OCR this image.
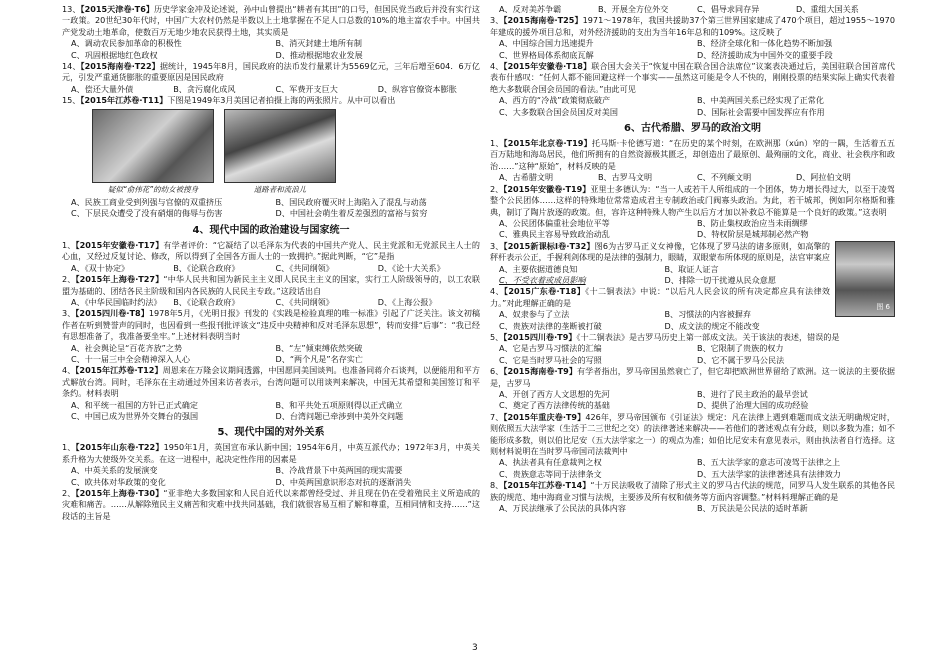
13、【2015天津卷·T6】历史学家金冲及论述说，孙中山曾提出“耕者有其田”的口号，但国民党当政后并没有实行这一政策。20世纪30年代时，中国广大农村仍然是半数以上土地掌握在不足人口总数的10%的地主富农手中。中国共产党发动土地革命，使数百万无地少地农民获得土地，其实质是

A、调动农民参加革命的积极性	B、消灭封建土地所有制
C、巩固根据地红色政权	D、推动根据地农业发展

14、【2015海南卷·T22】据统计，1945年8月，国民政府的法币发行量累计为5569亿元，三年后增至604．6万亿元，引发严重通货膨胀的重要原因是国民政府

A、偿还大量外债	B、贪污腐化成风	C、军费开支巨大	D、纵容官僚资本膨胀

15、【2015年江苏卷·T11】下图是1949年3月美国记者拍摄上海的两张照片。从中可以看出

疑似“俞伟花”的幼女被搜身	道路者和流浪儿
A、民族工商业受到列强与官僚的双重挤压	B、国民政府覆灭时上海陷入了混乱与动荡
C、下层民众遭受了没有硝烟的侮辱与伤害	D、中国社会萌生着反差强烈的富裕与贫穷
4、现代中国的政治建设与国家统一

1、【2015年安徽卷·T17】有学者评价：“它凝结了以毛泽东为代表的中国共产党人、民主党派和无党派民主人士的心血，又经过反复讨论、修改，所以得到了全国各方面人士的一致拥护。”据此判断，“它”是指

A、《双十协定》	B、《论联合政府》	C、《共同纲领》	D、《论十大关系》

2、【2015年上海卷·T27】“中华人民共和国为新民主主义即人民民主主义的国家，实行工人阶级领导的，以工农联盟为基础的、团结各民主阶级和国内各民族的人民民主专政。”这段话出自

A、《中华民国临时约法》	B、《论联合政府》	C、《共同纲领》	D、《上海公报》

3、【2015四川卷·T8】1978年5月，《光明日报》刊发的《实践是检验真理的唯一标准》引起了广泛关注。该文初稿作者在听到赞誉声的同时，也因看到一些报刊批评该文“违反中央精神和反对毛泽东思想”，转而安排“后事”：“我已经有思想准备了，我准备要坐牢。”上述材料表明当时

A、社会舆论呈“百花齐放”之势	B、“左”倾束缚依然突破
C、十一届三中全会精神深入人心	D、“两个凡是”名存实亡

4、【2015年江苏卷·T12】周恩来在万隆会议期间透露，中国愿同美国谈判。也准备同蒋介石谈判，以便能用和平方式解放台湾。同时，毛泽东在主动通过外国来访者表示，台湾问题可以用谈判来解决，中国无其希望和美国签订和平条约。材料表明

A、和平统一祖国的方针已正式确定	B、和平共处五项原则得以正式确立
C、中国已成为世界外交舞台的强国	D、台湾问题已牵涉到中美外交问题
5、现代中国的对外关系

1、【2015年山东卷·T22】1950年1月，英国宣布承认新中国；1954年6月，中英互派代办；1972年3月，中英关系升格为大使级外交关系。在这一进程中，起决定性作用的因素是

A、中英关系的发展演变	B、冷战背景下中英两国的现实需要
C、欧共体对华政策的变化	D、中英两国意识形态对抗的逐渐消失

2、【2015年上海卷·T30】“亚非绝大多数国家和人民自近代以来都曾经受过、并且现在仍在受着殖民主义所造成的灾难和痛苦。……从解除殖民主义痛苦和灾难中找共同基础，我们就很容易互相了解和尊重，互相同情和支持……”这段话的主旨是

A、反对美苏争霸	B、开展全方位外交	C、倡导求同存异	D、重组大国关系

3、【2015海南卷·T25】1971～1978年，我国共援助37个第三世界国家建成了470个项目，超过1955～1970年建成的援外项目总和，对外经济援助的支出为当年16年总和的109%。这反映了

A、中国综合国力迅速提升	B、经济全球化和一体化趋势不断加强
C、世界格局体系彻底瓦解	D、经济援助成为中国外交的重要手段

4、【2015年安徽卷·T18】联合国大会关于“恢复中国在联合国合法席位”议案表决通过后，美国驻联合国首席代表布什感叹：“任何人都不能回避这样一个事实——虽然这可能是令人不快的，刚刚投票的结果实际上确实代表着绝大多数联合国会员国的看法。”由此可见

A、西方的“冷战”政策彻底破产	B、中美两国关系已经实现了正常化
C、大多数联合国会员国反对美国	D、国际社会需要中国发挥应有作用
6、古代希腊、罗马的政治文明

1、【2015年北京卷·T19】托马斯·卡伦德写道：“在历史的某个时刻，在欧洲那（xún）窄的一隅，生活着五五百万陆地和海岛居民，他们所拥有的自然资源极其匮乏，却创造出了最原创、最殉丽的文化，商业、社会秩序和政治……”这种“原始”，材料反映的是

A、古希腊文明	B、古罗马文明	C、不列颠文明	D、阿拉伯文明

2、【2015年安徽卷·T19】亚里士多德认为：“当一人或若干人所组成的一个团体，势力增长得过大，以至于凌驾整个公民团体……这样的特殊地位常常造成君主专制政治或门阀寡头政治。为此，若干城邦，例如阿尔格斯和雅典，制订了陶片放逐的政策。但，容许这种特殊人物产生以后方才加以补救总不能算是一个良好的政策。”这表明

A、公民团体偏重社会地位平等	B、防止集权政治应当未雨绸缪
C、雅典民主容易导致政治动乱	D、特权阶层是城邦制必然产物
图 6

3、【2015新课标Ⅰ卷·T32】图6为古罗马正义女神像，它体现了罗马法的诸多原则，如高擎的秤杆表示公正，手握利剑体现的是法律的强制力，眼睛，双眼蒙布所体现的原则是，法官审案应

A、主要依据道德良知	B、取证人证言
C、不受衣着或成员影响	D、排除一切干扰遵从民众意愿

4、【2015广东卷·T18】《十二铜表法》中说：“以后凡人民会议的所有决定都应具有法律效力。”对此理解正确的是

A、奴隶参与了立法	B、习惯法的内容被摒弃
C、贵族对法律的垄断被打破	D、成文法的规定不能改变

5、【2015四川卷·T9】《十二铜表法》是古罗马历史上第一部成文法。关于该法的表述，错误的是

A、它是古罗马习惯法的汇编	B、它限制了贵族的权力
C、它是当时罗马社会的写照	D、它不属于罗马公民法

6、【2015海南卷·T9】有学者指出，罗马帝国虽然衰亡了，但它却把欧洲世界留给了欧洲。这一说法的主要依据是，古罗马

A、开创了西方人文思想的先河	B、进行了民主政治的最早尝试
C、奠定了西方法律传统的基础	D、提供了治理大国的成功经验

7、【2015年重庆卷·T9】426年，罗马帝国颁布《引证法》规定：凡在法律上遇到难题而成文法无明确规定时，则依照五大法学家（生活于二三世纪之交）的法律著述来解决——若他们的著述观点有分歧，则以多数为准；如不能形成多数，则以伯比尼安（五大法学家之一）的观点为准；如伯比尼安未有意见表示，则由执法者自行选择。这则材料说明在当时罗马帝国司法裁判中

A、执法者具有任意裁判之权	B、五大法学家的意志可凌驾于法律之上
C、贵族意志等同于法律条文	D、五大法学家的法律著述具有法律效力

8、【2015年江苏卷·T14】“十万民法吸收了清除了形式主义的罗马古代法的规范，同罗马人发生联系的其他各民族的规范、地中海商业习惯与法规，主要涉及所有权和债务等方面内容调整。”材料料理解正确的是

A、万民法继承了公民法的具体内容	B、万民法是公民法的适时革新
3
